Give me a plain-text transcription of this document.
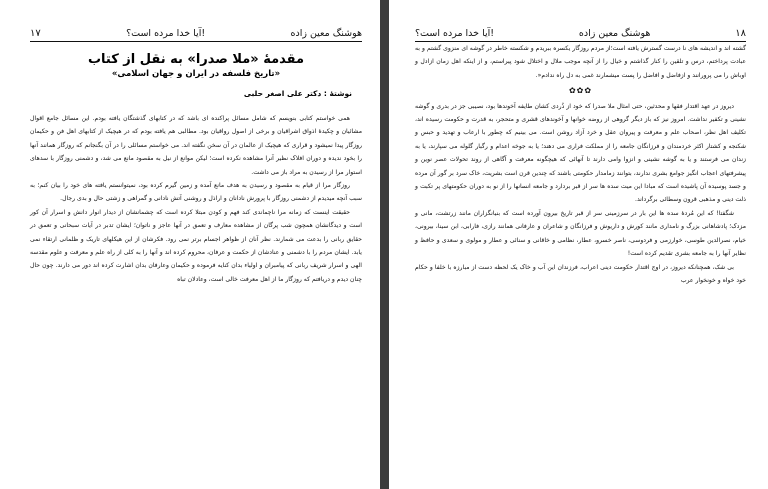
۱۷	آیا خدا مرده است؟!	هوشنگ معین زاده
مقدمهٔ «ملا صدرا» به نقل از کتاب
«تاریخ فلسفه در ایران و جهان اسلامی»
نوشتهٔ : دکتر علی اصغر حلبی

همی خواستم کتابی بنویسم که شامل مسائل پراکنده ای باشد که در کتابهای گذشتگان یافته بودم. این مسائل جامع اقوال مشائیان و چکیدهٔ اذواق اشراقیان و برخی از اصول رواقیان بود. مطالبی هم یافته بودم که در هیچیک از کتابهای اهل فن و حکیمان روزگار پیدا نمیشود و قراری که هیچیک از عالمان در آن سخن نگفته اند. می خواستم مسائلی را در آن بگنجانم که روزگار همانند آنها را بخود ندیده و دوران افلاک نظیر آنرا مشاهده نکرده است؛ لیکن موانع از نیل به مقصود مانع می شد، و دشمنی روزگار با سدهای استوار مرا از رسیدن به مراد باز می داشت.

روزگار مرا از قیام به مقصود و رسیدن به هدف مانع آمده و زمین گیرم کرده بود، نمیتوانستم یافته های خود را بیان کنم؛ به سبب آنچه میدیدم از دشمنی روزگار با پرورش نادانان و اراذل و روشنی آتش نادانی و گمراهی و زشتی حال و بدی رجال.

حقیقت اینست که زمانه مرا ناچماندی کند فهم و کودن مبتلا کرده است که چشمانشان از دیدار انوار دانش و اسرار آن کور است و دیدگانشان همچون شب پرگان از مشاهده معارف و تعمق در آنها عاجز و ناتوان‌؛ ایشان تدبر در آیات سبحانی و تعمق در حقایق ربانی را بدعت می شمارند. نظر آنان از ظواهر اجسام برتر نمی رود. فکرشان از این هیکلهای تاریک و ظلمانی ارتقاء نمی یابد. ایشان مردم را با دشمنی و عنادشان از حکمت و عرفان، محروم کرده اند و آنها را به کلی از راه علم و معرفت و علوم مقدسه الهی و اسرار شریف ربانی که پیامبران و اولیاء بدان کنایه فرموده و حکیمان وعارفان بدان اشارت کرده اند دور می دارند. چون حال چنان دیدم و دریافتم که روزگار ما از اهل معرفت خالی است، وعادلان تباه

آیا خدا مرده است؟!	هوشنگ معین زاده	۱۸

گشته اند و اندیشه های نا درست گسترش یافته است؛از مردم روزگار یکسره ببریدم و شکسته خاطر در گوشه ای منزوی گشتم و به عبادت پرداختم، درس و تلقین را کنار گذاشتم و خیال را از آنچه موجب ملال و اختلال شود پیراستم، و از اینکه اهل زمان ازادل و اوباش را می پرورانند و ازفاضل و افاضل را پست میشمارند غمی به دل راه ندادم«.

✿✿✿

دیروز در عهد اقتدار فقها و محدثین، حتی امثال ملا صدرا که خود از ذُردی کشان طایفه آخوندها بود، نصیبی جز در بدری و گوشه نشینی و تکفیر نداشت. امروز نیز که باز دیگر گروهی از روضه خوانها و آخوندهای قشری و متحجر، به قدرت و حکومت رسیده اند، تکلیف اهل نظر، اصحاب علم و معرفت و پیروان عقل و خرد آزاد روشن است. می بینیم که چطور با ارعاب و تهدید و حبس و شکنجه و کشتار اکثر خردمندان و فرزانگان جامعه را از مملکت فراری می دهند؛ یا به جوخه اعدام و رگبار گلوله می سپارند، یا به زندان می فرستند و یا به گوشه نشینی و انزوا وامی دارند تا آنهائی که هیچگونه معرفت و آگاهی از روند تحولات عصر نوین و پیشرفتهای اعجاب انگیز جوامع بشری ندارند، بتوانند زمامدار حکومتی باشند که چندین قرن است بشریت، خاک سرد بر گور آن مرده و جسد پوسیده آن پاشیده است که مبادا این میت سده ها سر از قبر بردارد و جامعه انسانها را از نو به دوران حکومتهای پر تکبت و ذلت دینی و مذهبی قرون وسطائی برگرداند.

شگفتا! که این مُردهٔ سده ها این بار در سرزمینی سر از قبر تاریخ بیرون آورده است که بنیانگزاران مانند زرتشت، مانی و مزدک؛ پادشاهانی بزرگ و نامداری مانند کورش و داریوش و فرزانگان و شاعران و عارفانی همانند رازی، فارابی، ابن سینا، بیرونی، خیام، نصرالدین طوسی، خوارزمی و فردوسی، ناصر خسرو، عطار، نظامی و خاقانی و سنائی و عطار و مولوی و سعدی و حافظ و نظایر آنها را به جامعه بشری تقدیم کرده است!

بی شک، همچنانکه دیروز، در اوج اقتدار حکومت دینی اعراب، فرزندان این آب و خاک یک لحظه دست از مبارزه با خلفا و حکام خود خواه و خونخوار عرب
